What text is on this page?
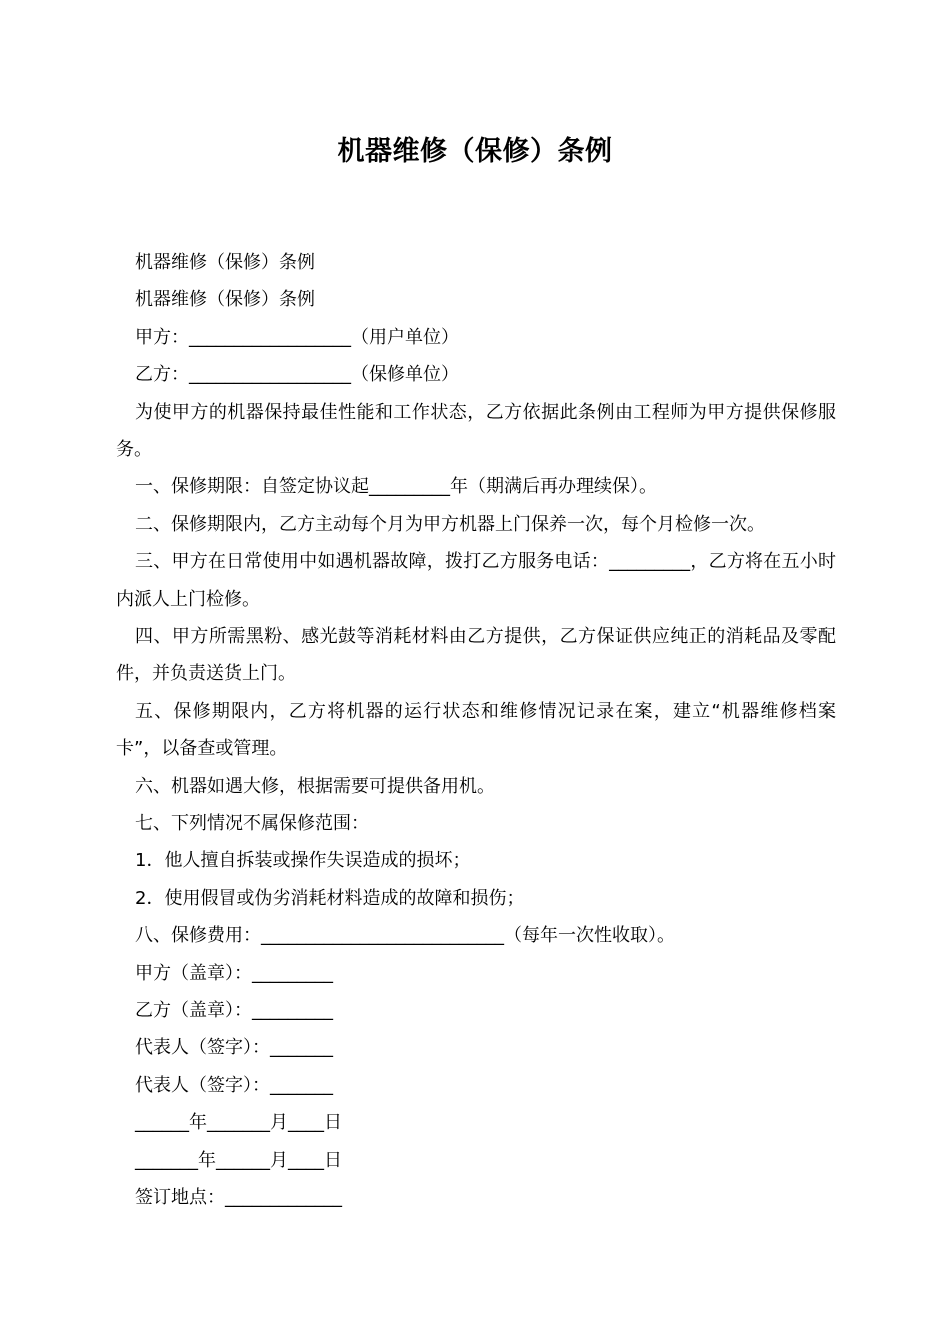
机器维修（保修）条例

机器维修（保修）条例

机器维修（保修）条例

甲方：__________________（用户单位）

乙方：__________________（保修单位）

为使甲方的机器保持最佳性能和工作状态，乙方依据此条例由工程师为甲方提供保修服务。

一、保修期限：自签定协议起_________年（期满后再办理续保）。

二、保修期限内，乙方主动每个月为甲方机器上门保养一次，每个月检修一次。

三、甲方在日常使用中如遇机器故障，拨打乙方服务电话：_________，乙方将在五小时内派人上门检修。

四、甲方所需黑粉、感光鼓等消耗材料由乙方提供，乙方保证供应纯正的消耗品及零配件，并负责送货上门。

五、保修期限内，乙方将机器的运行状态和维修情况记录在案，建立“机器维修档案卡”，以备查或管理。

六、机器如遇大修，根据需要可提供备用机。

七、下列情况不属保修范围：

1．他人擅自拆装或操作失误造成的损坏；

2．使用假冒或伪劣消耗材料造成的故障和损伤；

八、保修费用：___________________________（每年一次性收取）。

甲方（盖章）：_________

乙方（盖章）：_________

代表人（签字）：_______

代表人（签字）：_______

______年_______月____日

_______年______月____日

签订地点：_____________
